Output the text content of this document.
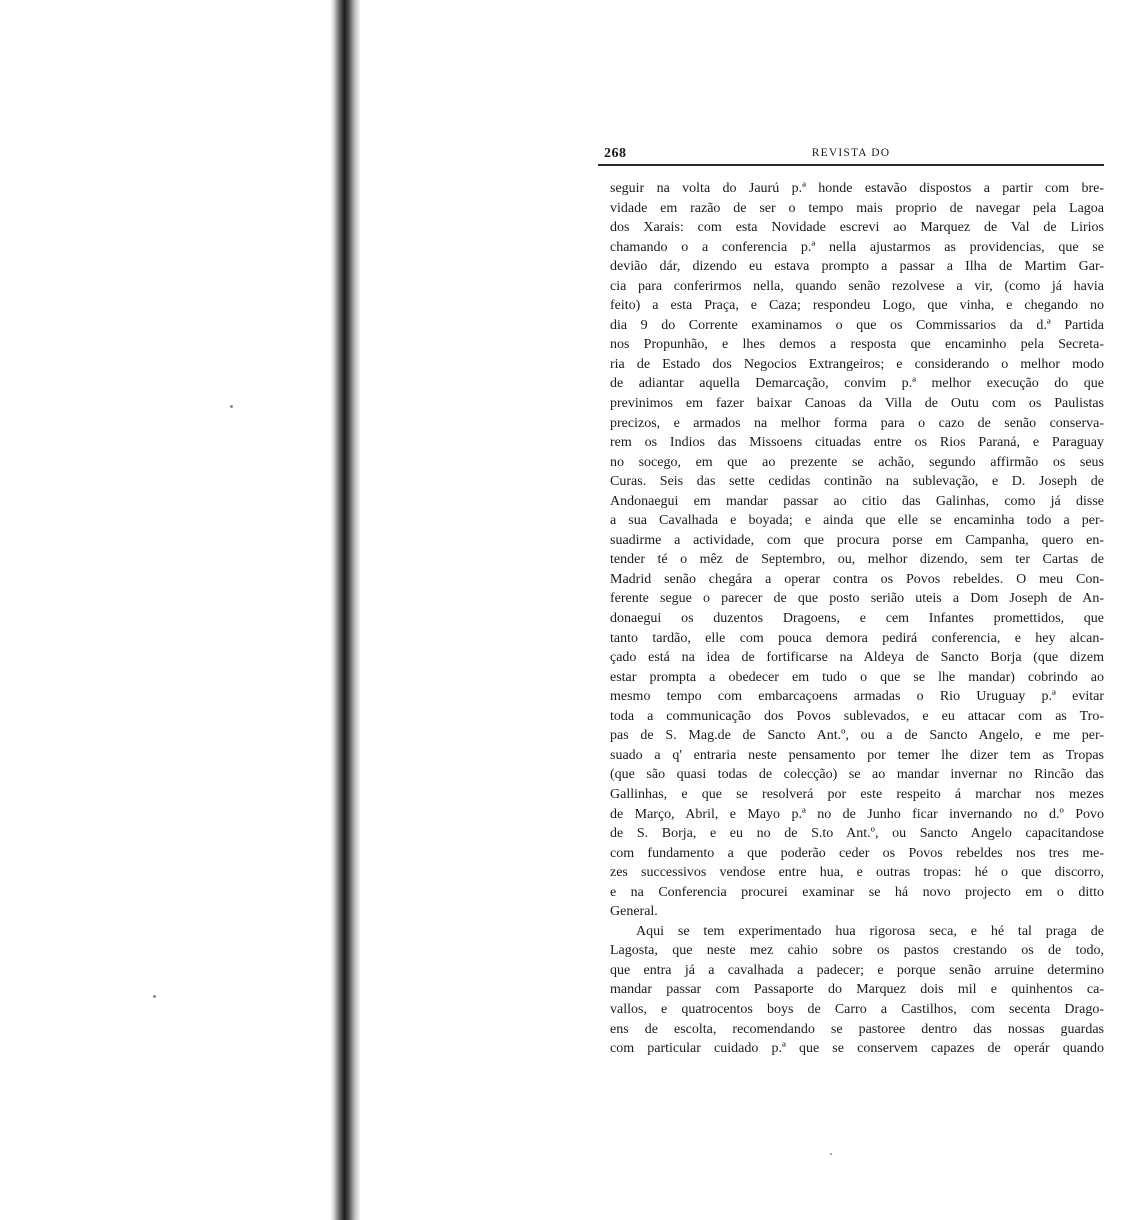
268	REVISTA DO
seguir na volta do Jaurú p.ª honde estavão dispostos a partir com bre-
vidade em razão de ser o tempo mais proprio de navegar pela Lagoa
dos Xarais: com esta Novidade escrevi ao Marquez de Val de Lirios
chamando o a conferencia p.ª nella ajustarmos as providencias, que se
devião dár, dizendo eu estava prompto a passar a Ilha de Martim Gar-
cia para conferirmos nella, quando senão rezolvese a vir, (como já havia
feito) a esta Praça, e Caza; respondeu Logo, que vinha, e chegando no
dia 9 do Corrente examinamos o que os Commissarios da d.ª Partida
nos Propunhão, e lhes demos a resposta que encaminho pela Secreta-
ria de Estado dos Negocios Extrangeiros; e considerando o melhor modo
de adiantar aquella Demarcação, convim p.ª melhor execução do que
previnimos em fazer baixar Canoas da Villa de Outu com os Paulistas
precizos, e armados na melhor forma para o cazo de senão conserva-
rem os Indios das Missoens cituadas entre os Rios Paraná, e Paraguay
no socego, em que ao prezente se achão, segundo affirmão os seus
Curas. Seis das sette cedidas continão na sublevação, e D. Joseph de
Andonaegui em mandar passar ao citio das Galinhas, como já disse
a sua Cavalhada e boyada; e ainda que elle se encaminha todo a per-
suadirme a actividade, com que procura porse em Campanha, quero en-
tender té o mêz de Septembro, ou, melhor dizendo, sem ter Cartas de
Madrid senão chegára a operar contra os Povos rebeldes. O meu Con-
ferente segue o parecer de que posto serião uteis a Dom Joseph de An-
donaegui os duzentos Dragoens, e cem Infantes promettidos, que
tanto tardão, elle com pouca demora pedirá conferencia, e hey alcan-
çado está na idea de fortificarse na Aldeya de Sancto Borja (que dizem
estar prompta a obedecer em tudo o que se lhe mandar) cobrindo ao
mesmo tempo com embarcaçoens armadas o Rio Uruguay p.ª evitar
toda a communicação dos Povos sublevados, e eu attacar com as Tro-
pas de S. Mag.de de Sancto Ant.º, ou a de Sancto Angelo, e me per-
suado a q' entraria neste pensamento por temer lhe dizer tem as Tropas
(que são quasi todas de colecção) se ao mandar invernar no Rincão das
Gallinhas, e que se resolverá por este respeito á marchar nos mezes
de Março, Abril, e Mayo p.ª no de Junho ficar invernando no d.º Povo
de S. Borja, e eu no de S.to Ant.º, ou Sancto Angelo capacitandose
com fundamento a que poderão ceder os Povos rebeldes nos tres me-
zes successivos vendose entre hua, e outras tropas: hé o que discorro,
e na Conferencia procurei examinar se há novo projecto em o ditto
General.
Aqui se tem experimentado hua rigorosa seca, e hé tal praga de
Lagosta, que neste mez cahio sobre os pastos crestando os de todo,
que entra já a cavalhada a padecer; e porque senão arruine determino
mandar passar com Passaporte do Marquez dois mil e quinhentos ca-
vallos, e quatrocentos boys de Carro a Castilhos, com secenta Drago-
ens de escolta, recomendando se pastoree dentro das nossas guardas
com particular cuidado p.ª que se conservem capazes de operár quando
